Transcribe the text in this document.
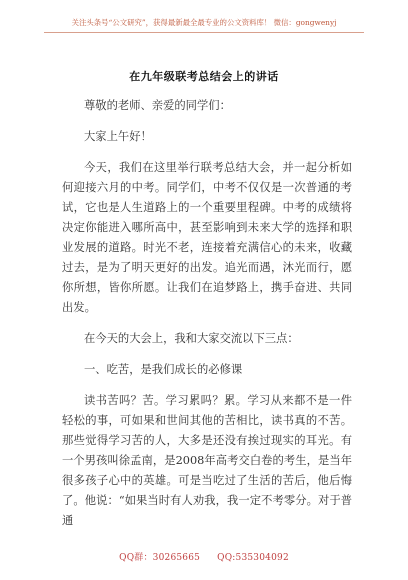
关注头条号“公文研究”，获得最新最全最专业的公文资料库！ 微信：gongwenyj
在九年级联考总结会上的讲话

尊敬的老师、亲爱的同学们：

大家上午好！

今天，我们在这里举行联考总结大会，并一起分析如何迎接六月的中考。同学们，中考不仅仅是一次普通的考试，它也是人生道路上的一个重要里程碑。中考的成绩将决定你能进入哪所高中，甚至影响到未来大学的选择和职业发展的道路。时光不老，连接着充满信心的未来，收藏过去，是为了明天更好的出发。追光而遇，沐光而行，愿你所想，皆你所愿。让我们在追梦路上，携手奋进、共同出发。

在今天的大会上，我和大家交流以下三点：

一、吃苦，是我们成长的必修课

读书苦吗？苦。学习累吗？累。学习从来都不是一件轻松的事，可如果和世间其他的苦相比，读书真的不苦。那些觉得学习苦的人，大多是还没有挨过现实的耳光。有一个男孩叫徐孟南，是2008年高考交白卷的考生，是当年很多孩子心中的英雄。可是当吃过了生活的苦后，他后悔了。他说：“如果当时有人劝我，我一定不考零分。对于普通

QQ群：30265665 QQ:535304092
